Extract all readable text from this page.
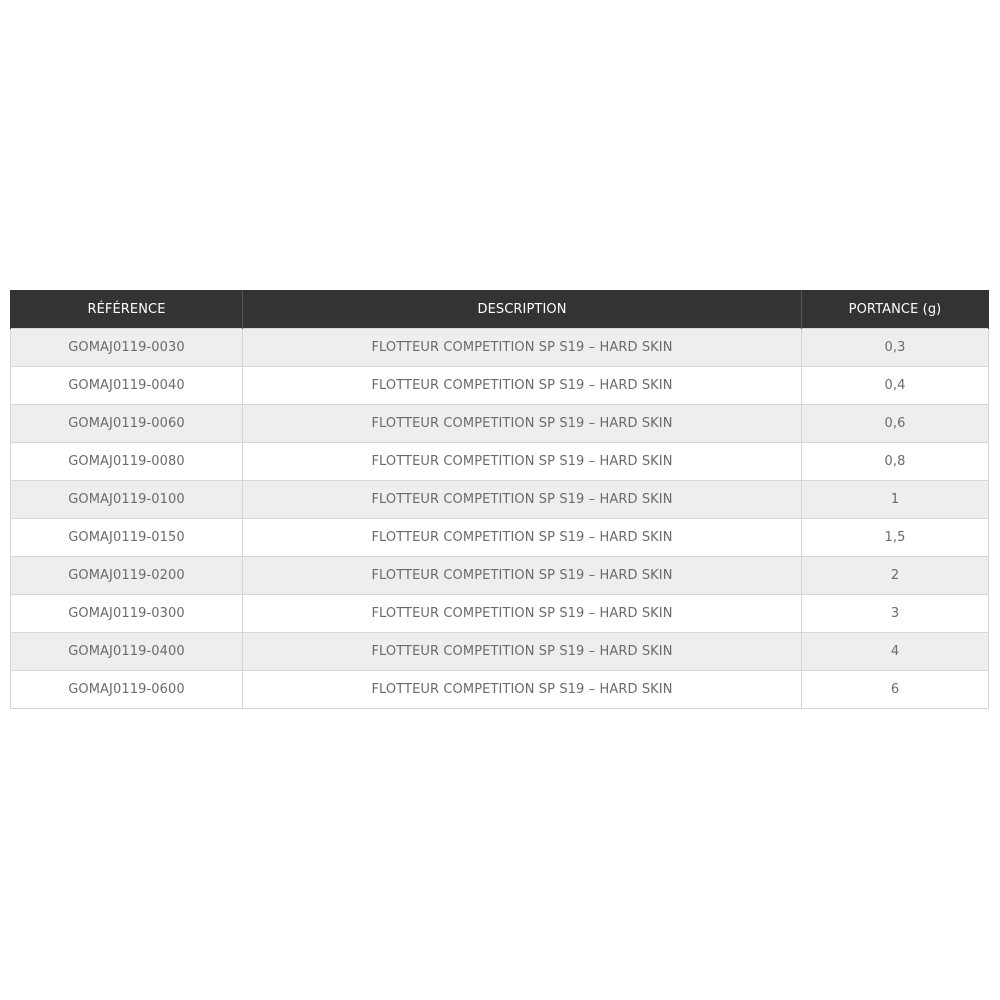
RÉFÉRENCE	DESCRIPTION	PORTANCE (g)
GOMAJ0119-0030	FLOTTEUR COMPETITION SP S19 – HARD SKIN	0,3
GOMAJ0119-0040	FLOTTEUR COMPETITION SP S19 – HARD SKIN	0,4
GOMAJ0119-0060	FLOTTEUR COMPETITION SP S19 – HARD SKIN	0,6
GOMAJ0119-0080	FLOTTEUR COMPETITION SP S19 – HARD SKIN	0,8
GOMAJ0119-0100	FLOTTEUR COMPETITION SP S19 – HARD SKIN	1
GOMAJ0119-0150	FLOTTEUR COMPETITION SP S19 – HARD SKIN	1,5
GOMAJ0119-0200	FLOTTEUR COMPETITION SP S19 – HARD SKIN	2
GOMAJ0119-0300	FLOTTEUR COMPETITION SP S19 – HARD SKIN	3
GOMAJ0119-0400	FLOTTEUR COMPETITION SP S19 – HARD SKIN	4
GOMAJ0119-0600	FLOTTEUR COMPETITION SP S19 – HARD SKIN	6
